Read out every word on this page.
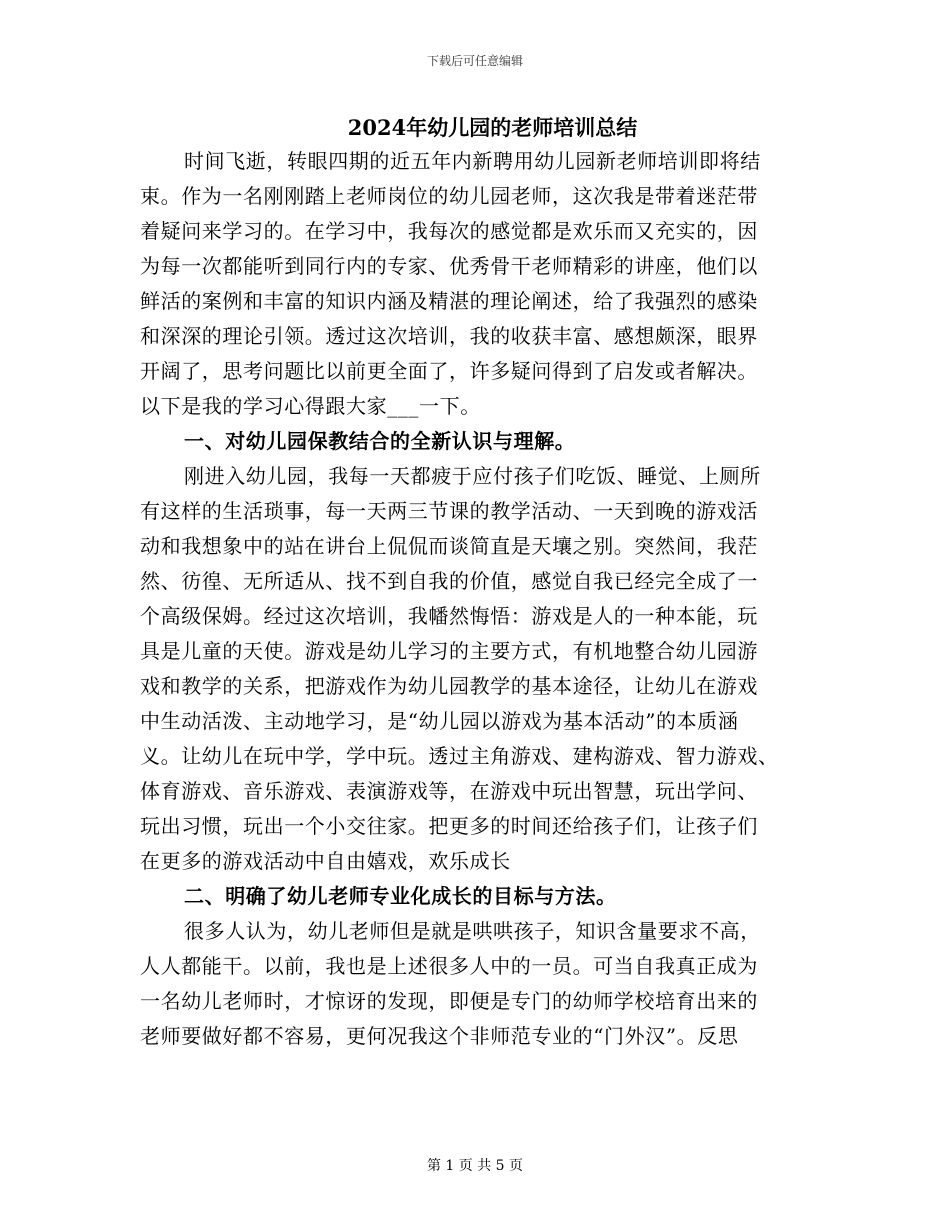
下载后可任意编辑
2024年幼儿园的老师培训总结
时间飞逝，转眼四期的近五年内新聘用幼儿园新老师培训即将结
束。作为一名刚刚踏上老师岗位的幼儿园老师，这次我是带着迷茫带
着疑问来学习的。在学习中，我每次的感觉都是欢乐而又充实的，因
为每一次都能听到同行内的专家、优秀骨干老师精彩的讲座，他们以
鲜活的案例和丰富的知识内涵及精湛的理论阐述，给了我强烈的感染
和深深的理论引领。透过这次培训，我的收获丰富、感想颇深，眼界
开阔了，思考问题比以前更全面了，许多疑问得到了启发或者解决。
以下是我的学习心得跟大家___一下。
一、对幼儿园保教结合的全新认识与理解。
刚进入幼儿园，我每一天都疲于应付孩子们吃饭、睡觉、上厕所
有这样的生活琐事，每一天两三节课的教学活动、一天到晚的游戏活
动和我想象中的站在讲台上侃侃而谈简直是天壤之别。突然间，我茫
然、彷徨、无所适从、找不到自我的价值，感觉自我已经完全成了一
个高级保姆。经过这次培训，我幡然悔悟：游戏是人的一种本能，玩
具是儿童的天使。游戏是幼儿学习的主要方式，有机地整合幼儿园游
戏和教学的关系，把游戏作为幼儿园教学的基本途径，让幼儿在游戏
中生动活泼、主动地学习，是“幼儿园以游戏为基本活动”的本质涵
义。让幼儿在玩中学，学中玩。透过主角游戏、建构游戏、智力游戏、
体育游戏、音乐游戏、表演游戏等，在游戏中玩出智慧，玩出学问、
玩出习惯，玩出一个小交往家。把更多的时间还给孩子们，让孩子们
在更多的游戏活动中自由嬉戏，欢乐成长
二、明确了幼儿老师专业化成长的目标与方法。
很多人认为，幼儿老师但是就是哄哄孩子，知识含量要求不高，
人人都能干。以前，我也是上述很多人中的一员。可当自我真正成为
一名幼儿老师时，才惊讶的发现，即便是专门的幼师学校培育出来的
老师要做好都不容易，更何况我这个非师范专业的“门外汉”。反思
第 1 页 共 5 页
